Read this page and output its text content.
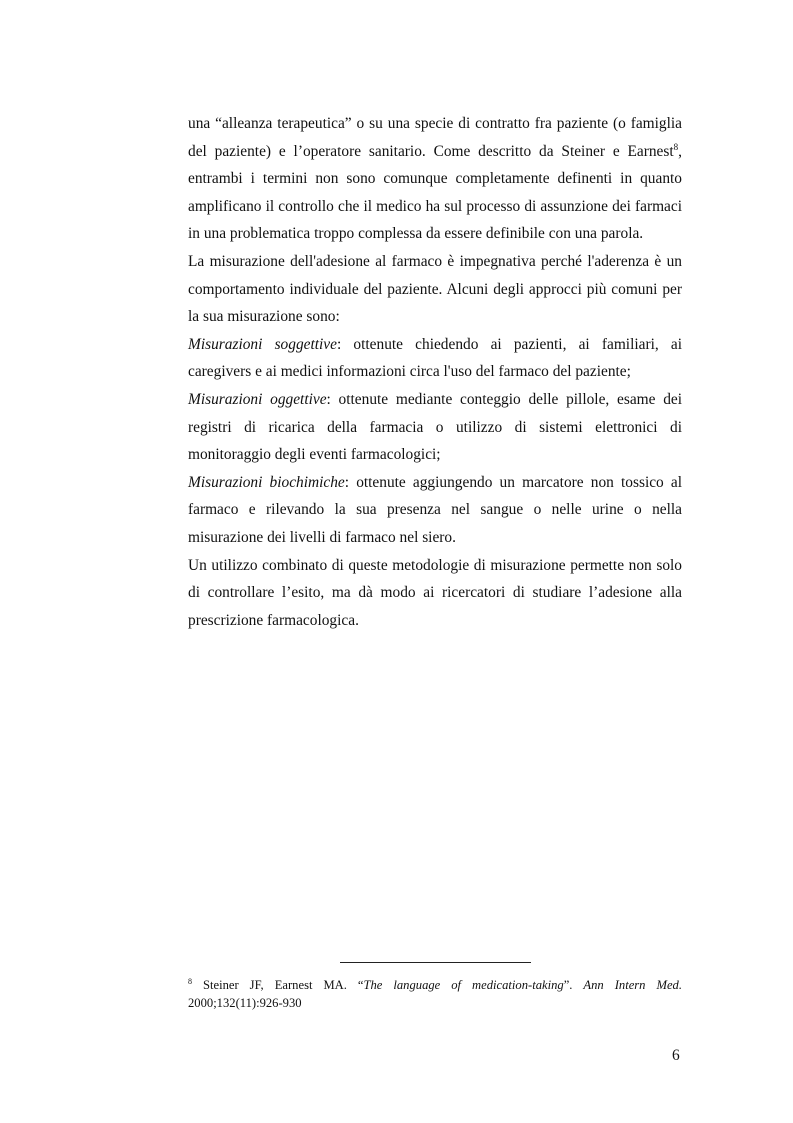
una “alleanza terapeutica” o su una specie di contratto fra paziente (o famiglia del paziente) e l’operatore sanitario. Come descritto da Steiner e Earnest$^8$, entrambi i termini non sono comunque completamente definenti in quanto amplificano il controllo che il medico ha sul processo di assunzione dei farmaci in una problematica troppo complessa da essere definibile con una parola.

La misurazione dell'adesione al farmaco è impegnativa perché l'aderenza è un comportamento individuale del paziente. Alcuni degli approcci più comuni per la sua misurazione sono:

Misurazioni soggettive: ottenute chiedendo ai pazienti, ai familiari, ai caregivers e ai medici informazioni circa l'uso del farmaco del paziente;

Misurazioni oggettive: ottenute mediante conteggio delle pillole, esame dei registri di ricarica della farmacia o utilizzo di sistemi elettronici di monitoraggio degli eventi farmacologici;

Misurazioni biochimiche: ottenute aggiungendo un marcatore non tossico al farmaco e rilevando la sua presenza nel sangue o nelle urine o nella misurazione dei livelli di farmaco nel siero.

Un utilizzo combinato di queste metodologie di misurazione permette non solo di controllare l’esito, ma dà modo ai ricercatori di studiare l’adesione alla prescrizione farmacologica.

$^8$ Steiner JF, Earnest MA. “The language of medication-taking”. Ann Intern Med. 2000;132(11):926-930
6
